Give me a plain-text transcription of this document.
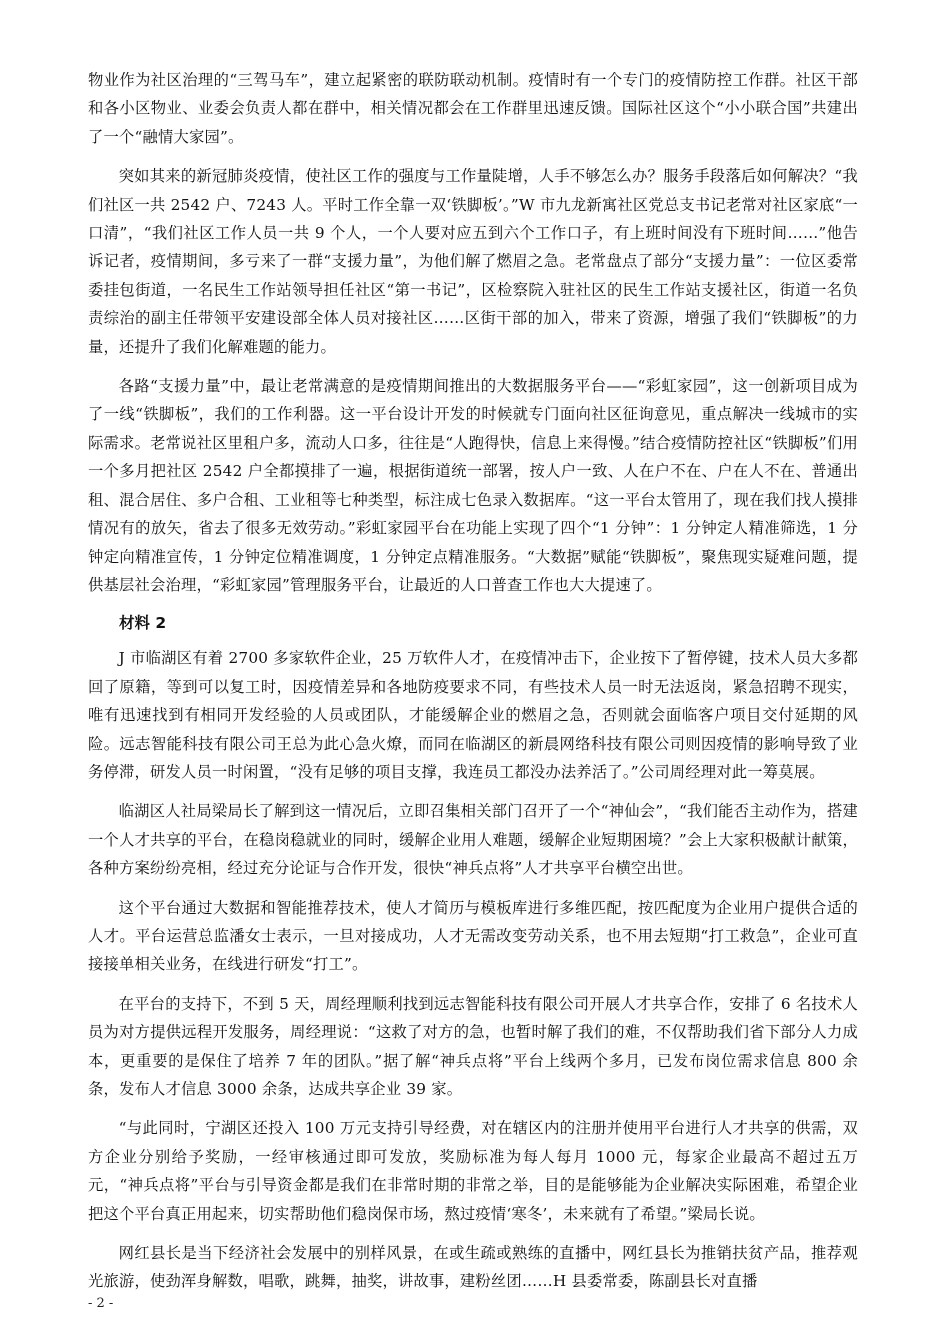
物业作为社区治理的“三驾马车”，建立起紧密的联防联动机制。疫情时有一个专门的疫情防控工作群。社区干部和各小区物业、业委会负责人都在群中，相关情况都会在工作群里迅速反馈。国际社区这个“小小联合国”共建出了一个“融情大家园”。

突如其来的新冠肺炎疫情，使社区工作的强度与工作量陡增，人手不够怎么办？服务手段落后如何解决？“我们社区一共 2542 户、7243 人。平时工作全靠一双‘铁脚板’。”W 市九龙新寓社区党总支书记老常对社区家底“一口清”，“我们社区工作人员一共 9 个人，一个人要对应五到六个工作口子，有上班时间没有下班时间……”他告诉记者，疫情期间，多亏来了一群“支援力量”，为他们解了燃眉之急。老常盘点了部分“支援力量”：一位区委常委挂包街道，一名民生工作站领导担任社区“第一书记”，区检察院入驻社区的民生工作站支援社区，街道一名负责综治的副主任带领平安建设部全体人员对接社区……区街干部的加入，带来了资源，增强了我们“铁脚板”的力量，还提升了我们化解难题的能力。

各路“支援力量”中，最让老常满意的是疫情期间推出的大数据服务平台——“彩虹家园”，这一创新项目成为了一线“铁脚板”，我们的工作利器。这一平台设计开发的时候就专门面向社区征询意见，重点解决一线城市的实际需求。老常说社区里租户多，流动人口多，往往是“人跑得快，信息上来得慢。”结合疫情防控社区“铁脚板”们用一个多月把社区 2542 户全都摸排了一遍，根据街道统一部署，按人户一致、人在户不在、户在人不在、普通出租、混合居住、多户合租、工业租等七种类型，标注成七色录入数据库。“这一平台太管用了，现在我们找人摸排情况有的放矢，省去了很多无效劳动。”彩虹家园平台在功能上实现了四个“1 分钟”：1 分钟定人精准筛选，1 分钟定向精准宣传，1 分钟定位精准调度，1 分钟定点精准服务。“大数据”赋能“铁脚板”，聚焦现实疑难问题，提供基层社会治理，“彩虹家园”管理服务平台，让最近的人口普查工作也大大提速了。

材料 2

J 市临湖区有着 2700 多家软件企业，25 万软件人才，在疫情冲击下，企业按下了暂停键，技术人员大多都回了原籍，等到可以复工时，因疫情差异和各地防疫要求不同，有些技术人员一时无法返岗，紧急招聘不现实，唯有迅速找到有相同开发经验的人员或团队，才能缓解企业的燃眉之急，否则就会面临客户项目交付延期的风险。远志智能科技有限公司王总为此心急火燎，而同在临湖区的新晨网络科技有限公司则因疫情的影响导致了业务停滞，研发人员一时闲置，“没有足够的项目支撑，我连员工都没办法养活了。”公司周经理对此一筹莫展。

临湖区人社局梁局长了解到这一情况后，立即召集相关部门召开了一个“神仙会”，“我们能否主动作为，搭建一个人才共享的平台，在稳岗稳就业的同时，缓解企业用人难题，缓解企业短期困境？”会上大家积极献计献策，各种方案纷纷亮相，经过充分论证与合作开发，很快“神兵点将”人才共享平台横空出世。

这个平台通过大数据和智能推荐技术，使人才简历与模板库进行多维匹配，按匹配度为企业用户提供合适的人才。平台运营总监潘女士表示，一旦对接成功，人才无需改变劳动关系，也不用去短期“打工救急”，企业可直接接单相关业务，在线进行研发“打工”。

在平台的支持下，不到 5 天，周经理顺利找到远志智能科技有限公司开展人才共享合作，安排了 6 名技术人员为对方提供远程开发服务，周经理说：“这救了对方的急，也暂时解了我们的难，不仅帮助我们省下部分人力成本，更重要的是保住了培养 7 年的团队。”据了解“神兵点将”平台上线两个多月，已发布岗位需求信息 800 余条，发布人才信息 3000 余条，达成共享企业 39 家。

“与此同时，宁湖区还投入 100 万元支持引导经费，对在辖区内的注册并使用平台进行人才共享的供需，双方企业分别给予奖励，一经审核通过即可发放，奖励标准为每人每月 1000 元，每家企业最高不超过五万元，“神兵点将”平台与引导资金都是我们在非常时期的非常之举，目的是能够能为企业解决实际困难，希望企业把这个平台真正用起来，切实帮助他们稳岗保市场，熬过疫情‘寒冬’，未来就有了希望。”梁局长说。

网红县长是当下经济社会发展中的别样风景，在或生疏或熟练的直播中，网红县长为推销扶贫产品，推荐观光旅游，使劲浑身解数，唱歌，跳舞，抽奖，讲故事，建粉丝团……H 县委常委，陈副县长对直播

- 2 -
